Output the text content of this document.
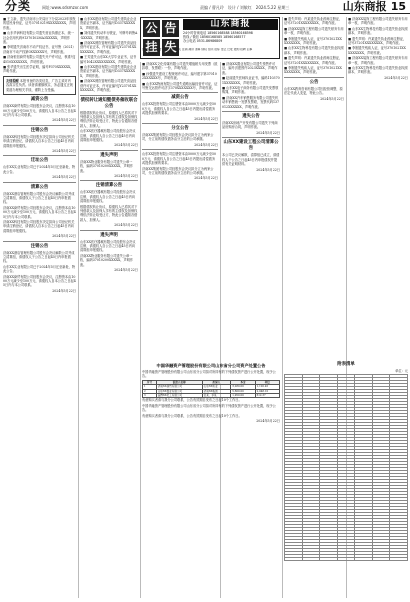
分类	网址:www.sdsmzxr.com	责编 / 曹凡玲　设计 / 刘敏红　2024.5.22 星期三	山东商报 15

■ 王立新，遗失济南市公安局历下分局2023年颁发的居民身份证，证号37010219XXXXXXXX，声明作废。

■ 山东华润科技有限公司遗失营业执照正本，统一社会信用代码91370102MA3XXXXX，声明作废。

■ 李明遗失济南市不动产权证书，证号鲁（2021）济南市不动产权第0XXXXXX号，声明作废。

■ 济南恒信商贸有限公司遗失开户许可证，核准号J4510XXXXXXX，声明作废。

■ 张华遗失出生医学证明，编号P370XXXXXX，声明作废。

友情提醒 本报刊登的各类信息，广告主须对内容真实性负责。读者请谨慎核实，务必通过正规渠道办理相关手续，谨防上当受骗。
减资公告

济南XX商贸有限公司经股东会决议，注册资本由1000万元减少至100万元，请债权人自本公告之日起45日内与本公司联系。

2024年5月22日

注销公告

济南XX科技有限公司经股东决定拟向公司登记机关申请注销登记，请债权人自本公告之日起45日内向清算组申报债权。

2024年5月22日

迁址公告

山东XX实业有限公司已于2024年5月迁至新址，特此公告。

2024年5月22日

清算公告

济南XX酒店管理有限公司股东会决议解散公司并成立清算组，请债权人于公告之日起45日内申报债权。

济南XX商贸有限公司经股东会决议，注册资本由1000万元减少至100万元，请债权人自本公告之日起45日内与本公司联系。

济南XX科技有限公司经股东决定拟向公司登记机关申请注销登记，请债权人自本公告之日起45日内向清算组申报债权。

2024年5月22日

注销公告

济南XX酒店管理有限公司股东会决议解散公司并成立清算组，请债权人于公告之日起45日内申报债权。

山东XX实业有限公司已于2024年5月迁至新址，特此公告。

济南XX商贸有限公司经股东会决议，注册资本由1000万元减少至100万元，请债权人自本公告之日起45日内与本公司联系。

2024年5月22日

■ 山东XX建设有限公司遗失建筑业企业资质证书副本，证书编号D337XXXXXX，声明作废。

■ 刘伟遗失机动车行驶证，号牌号码鲁A·XXXXX，声明作废。

■ 济南XX餐饮管理有限公司遗失食品经营许可证正本，许可证编号JY23701XXXXXXXX，声明作废。

■ 王芳遗失山东XX大学毕业证书，证书编号1042XXXXXXXXX，声明作废。

■ 山东XX建设有限公司遗失建筑业企业资质证书副本，证书编号D337XXXXXX，声明作废。

■ 济南XX餐饮管理有限公司遗失食品经营许可证正本，许可证编号JY23701XXXXXXXX，声明作废。

债权转让通知暨债务催收联合公告

根据债权转让协议，原债权人已将其对下列借款人及担保人享有的主债权及担保权利依法转让给受让方，特此公告通知各借款人、担保人。

山东XX医疗器械有限公司经股东会决议注销，请债权人自公告之日起45日内向清算组申报债权。

2024年5月22日

遗失声明

济南XX物业服务有限公司遗失公章一枚，编码37010200XXXXX，声明作废。

2024年5月22日

注销清算公告

山东XX医疗器械有限公司经股东会决议注销，请债权人自公告之日起45日内向清算组申报债权。

根据债权转让协议，原债权人已将其对下列借款人及担保人享有的主债权及担保权利依法转让给受让方，特此公告通知各借款人、担保人。

2024年5月22日

遗失声明

山东XX医疗器械有限公司经股东会决议注销，请债权人自公告之日起45日内向清算组申报债权。

济南XX物业服务有限公司遗失公章一枚，编码37010200XXXXX，声明作废。

2024年5月22日

公 告
挂 失
山东商报
24小时咨询电话 18560168588 18560168598
热线 / 微信 18560168585 18560168577
办公电话 0531-86986809
登报业务：公告 挂失 声明 遗失 注销 减资 清算 债权 拍卖 招标 更正 迁址 通知 招聘 启事

■ 济南XX文化传媒有限公司遗失增值税专用发票（抵扣联、发票联）一份，声明作废。

■ 孙强遗失建设工程规划许可证，编号建字第370102XXXXXX号，声明作废。

■ 山东XX物流有限公司遗失道路运输经营许可证，证号鲁交运管许可济字370XXXXXXX号，声明作废。

减资公告

山东XX投资有限公司注册资本由5000万元减少至500万元，请债权人自公告之日起45日内提出清偿债务或提供担保的要求。

2024年5月22日

分立公告

济南XX集团有限公司经股东会决议拟分立为两家公司，分立前的债权债务由分立后的公司承继。

2024年5月22日

山东XX投资有限公司注册资本由5000万元减少至500万元，请债权人自公告之日起45日内提出清偿债务或提供担保的要求。

济南XX集团有限公司经股东会决议拟分立为两家公司，分立前的债权债务由分立后的公司承继。

2024年5月22日

中国华融资产管理股份有限公司山东省分公司资产处置公告

中国华融资产管理股份有限公司山东省分公司拟对所持有的下列债权资产进行公开处置，现予公告。

序号	借款人名称	担保人	本金	利息
1	济南XX商贸有限公司	山东XX实业	3,280.00	1,120.45
2	山东XX置业有限公司	济南XX集团	5,600.00	2,048.10
3	淄博XX化工有限公司	张某、李某	1,950.00	612.37

有意购买者请与我分公司联系，公告有效期自发布之日起10个工作日。

中国华融资产管理股份有限公司山东省分公司拟对所持有的下列债权资产进行公开处置，现予公告。

有意购买者请与我分公司联系，公告有效期自发布之日起10个工作日。

2024年5月22日

■ 济南XX置业有限公司遗失预售许可证，编号济建预许2023XXXX，声明作废。

■ 赵丽遗失医师执业证书，编码1103701XXXXXXX，声明作废。

■ 山东XX电子商务有限公司遗失发票领购簿，声明作废。

■ 济南XX汽车销售服务有限公司遗失机动车销售统一发票发票联，发票代码137012XXXXXX，声明作废。

遗失公告

济南XX房地产开发有限公司遗失下列商品房购房合同，声明作废。

2024年5月22日

山东XX建设工程公司清算公告

本公司已决议解散，清算组已成立，请债权人于公告之日起45日内申报债权并提供有关证明材料。

2024年5月22日

■ 遗失声明：许某遗失执业药师注册证，证号37201XXXXXXXX，声明作废。

■ 济南XX装饰工程有限公司遗失财务专用章一枚，声明作废。

■ 李刚遗失残疾人证，证号3701021XXXXXXXXX，声明作废。

■ 山东XX生物科技有限公司遗失营业执照副本，声明作废。

■ 遗失声明：许某遗失执业药师注册证，证号37201XXXXXXXX，声明作废。

■ 李刚遗失残疾人证，证号3701021XXXXXXXXX，声明作废。

公告

山东XX教育咨询有限公司因经营调整，原法定代表人变更，特此公告。

2024年5月22日

■ 济南XX装饰工程有限公司遗失财务专用章一枚，声明作废。

■ 山东XX生物科技有限公司遗失营业执照副本，声明作废。

■ 遗失声明：许某遗失执业药师注册证，证号37201XXXXXXXX，声明作废。

■ 李刚遗失残疾人证，证号3701021XXXXXXXXX，声明作废。

■ 济南XX装饰工程有限公司遗失财务专用章一枚，声明作废。

■ 山东XX生物科技有限公司遗失营业执照副本，声明作废。

2024年5月22日

附表清单

单位：元
